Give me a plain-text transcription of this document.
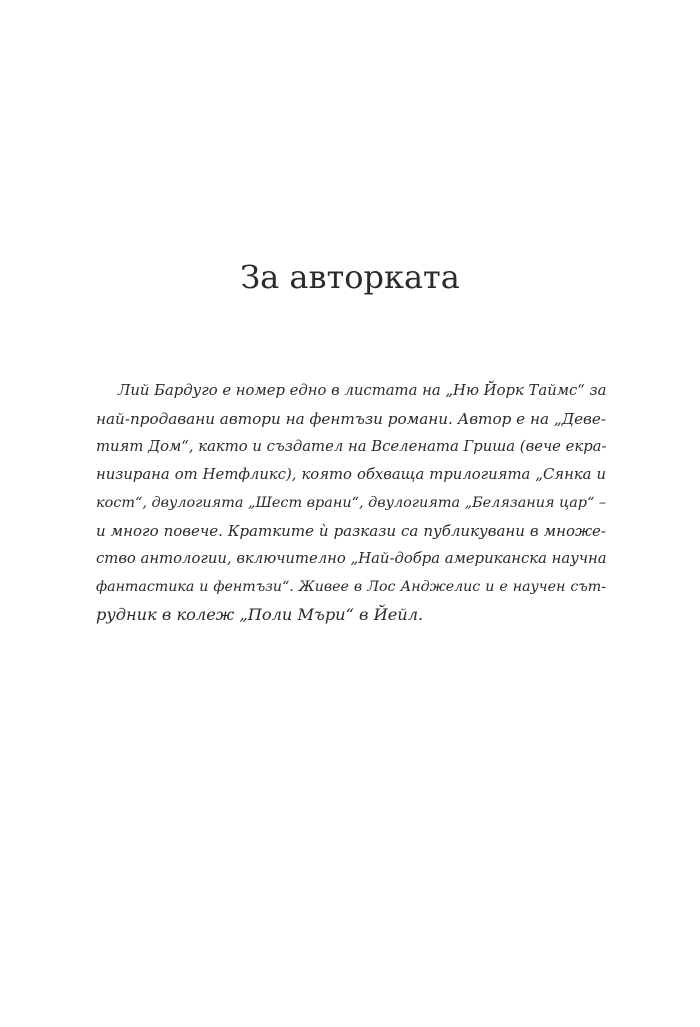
За авторката
Лий Бардуго е номер едно в листата на „Ню Йорк Таймс“ за
най-продавани автори на фентъзи романи. Автор е на „Деве-
тият Дом“, както и създател на Вселената Гриша (вече екра-
низирана от Нетфликс), която обхваща трилогията „Сянка и
кост“, двулогията „Шест врани“, двулогията „Белязания цар“ –
и много повече. Кратките ѝ разкази са публикувани в множе-
ство антологии, включително „Най-добра американска научна
фантастика и фентъзи“. Живее в Лос Анджелис и е научен сът-
рудник в колеж „Поли Мъри“ в Йейл.
